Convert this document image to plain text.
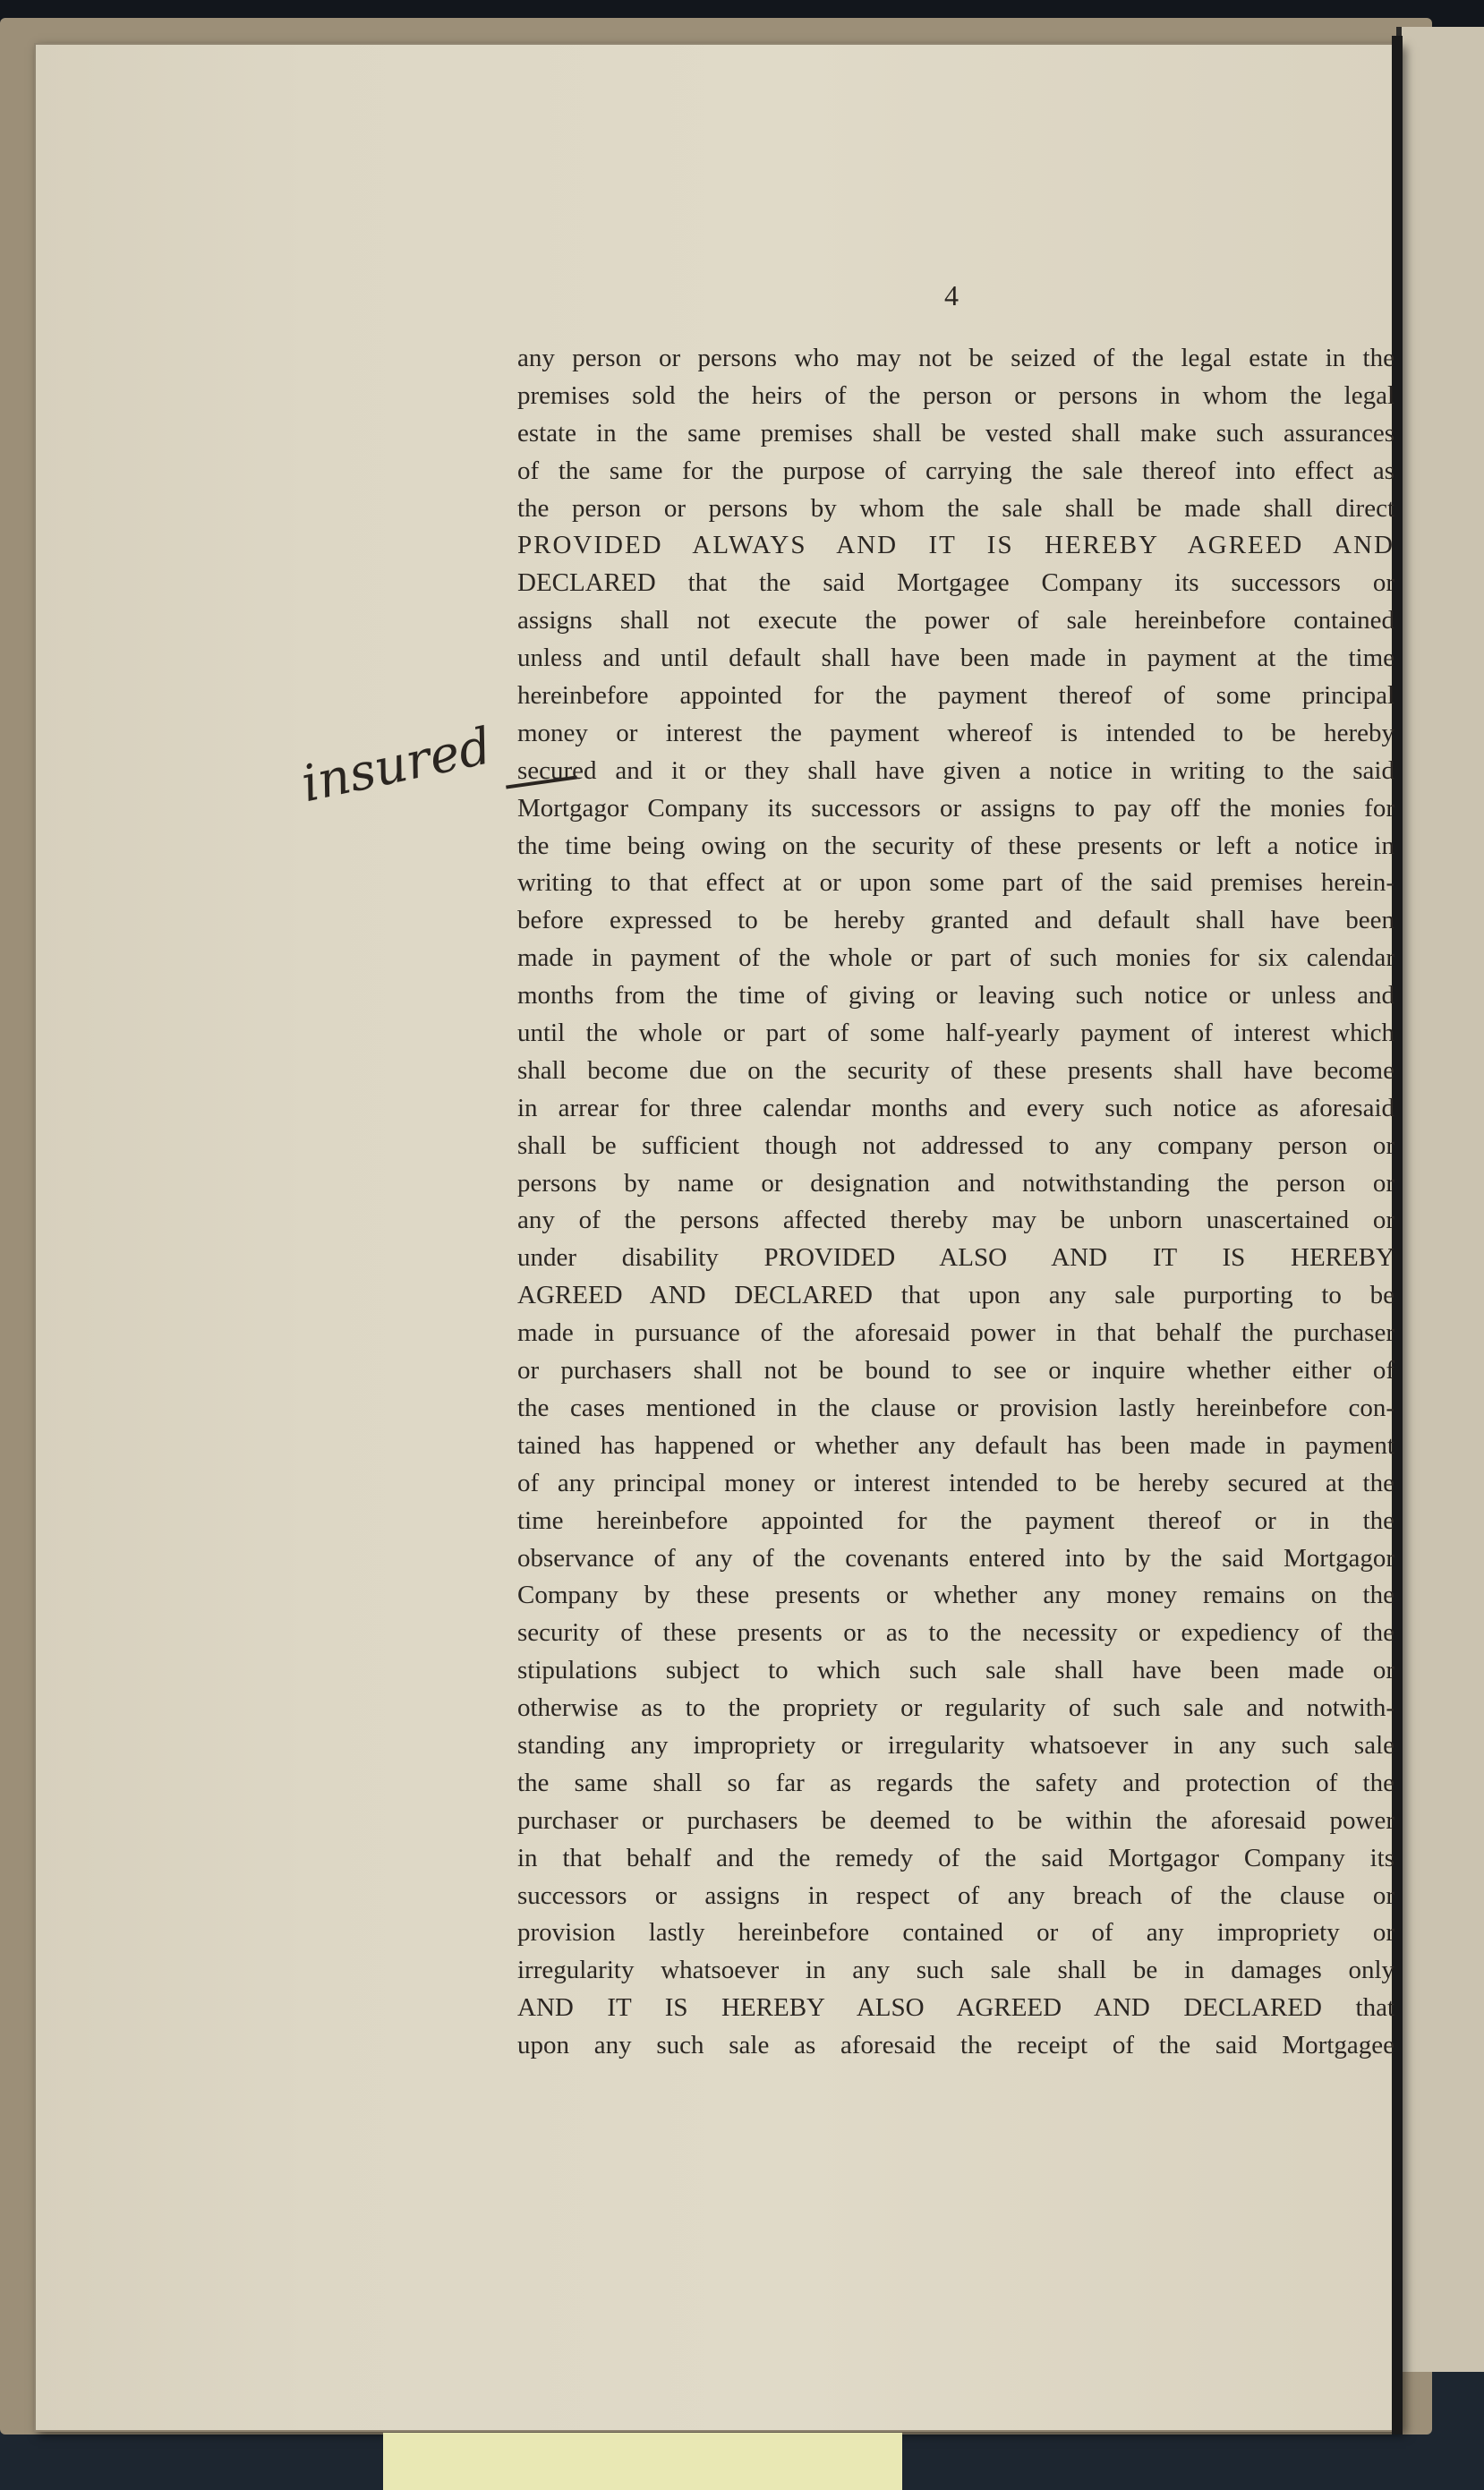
4

insured

any person or persons who may not be seized of the legal estate in the
premises sold the heirs of the person or persons in whom the legal
estate in the same premises shall be vested shall make such assurances
of the same for the purpose of carrying the sale thereof into effect as
the person or persons by whom the sale shall be made shall direct
PROVIDED ALWAYS AND IT IS HEREBY AGREED AND
DECLARED that the said Mortgagee Company its successors or
assigns shall not execute the power of sale hereinbefore contained
unless and until default shall have been made in payment at the time
hereinbefore appointed for the payment thereof of some principal
money or interest the payment whereof is intended to be hereby
secured and it or they shall have given a notice in writing to the said
Mortgagor Company its successors or assigns to pay off the monies for
the time being owing on the security of these presents or left a notice in
writing to that effect at or upon some part of the said premises herein-
before expressed to be hereby granted and default shall have been
made in payment of the whole or part of such monies for six calendar
months from the time of giving or leaving such notice or unless and
until the whole or part of some half-yearly payment of interest which
shall become due on the security of these presents shall have become
in arrear for three calendar months and every such notice as aforesaid
shall be sufficient though not addressed to any company person or
persons by name or designation and notwithstanding the person or
any of the persons affected thereby may be unborn unascertained or
under disability PROVIDED ALSO AND IT IS HEREBY
AGREED AND DECLARED that upon any sale purporting to be
made in pursuance of the aforesaid power in that behalf the purchaser
or purchasers shall not be bound to see or inquire whether either of
the cases mentioned in the clause or provision lastly hereinbefore con-
tained has happened or whether any default has been made in payment
of any principal money or interest intended to be hereby secured at the
time hereinbefore appointed for the payment thereof or in the
observance of any of the covenants entered into by the said Mortgagor
Company by these presents or whether any money remains on the
security of these presents or as to the necessity or expediency of the
stipulations subject to which such sale shall have been made or
otherwise as to the propriety or regularity of such sale and notwith-
standing any impropriety or irregularity whatsoever in any such sale
the same shall so far as regards the safety and protection of the
purchaser or purchasers be deemed to be within the aforesaid power
in that behalf and the remedy of the said Mortgagor Company its
successors or assigns in respect of any breach of the clause or
provision lastly hereinbefore contained or of any impropriety or
irregularity whatsoever in any such sale shall be in damages only
AND IT IS HEREBY ALSO AGREED AND DECLARED that
upon any such sale as aforesaid the receipt of the said Mortgagee
